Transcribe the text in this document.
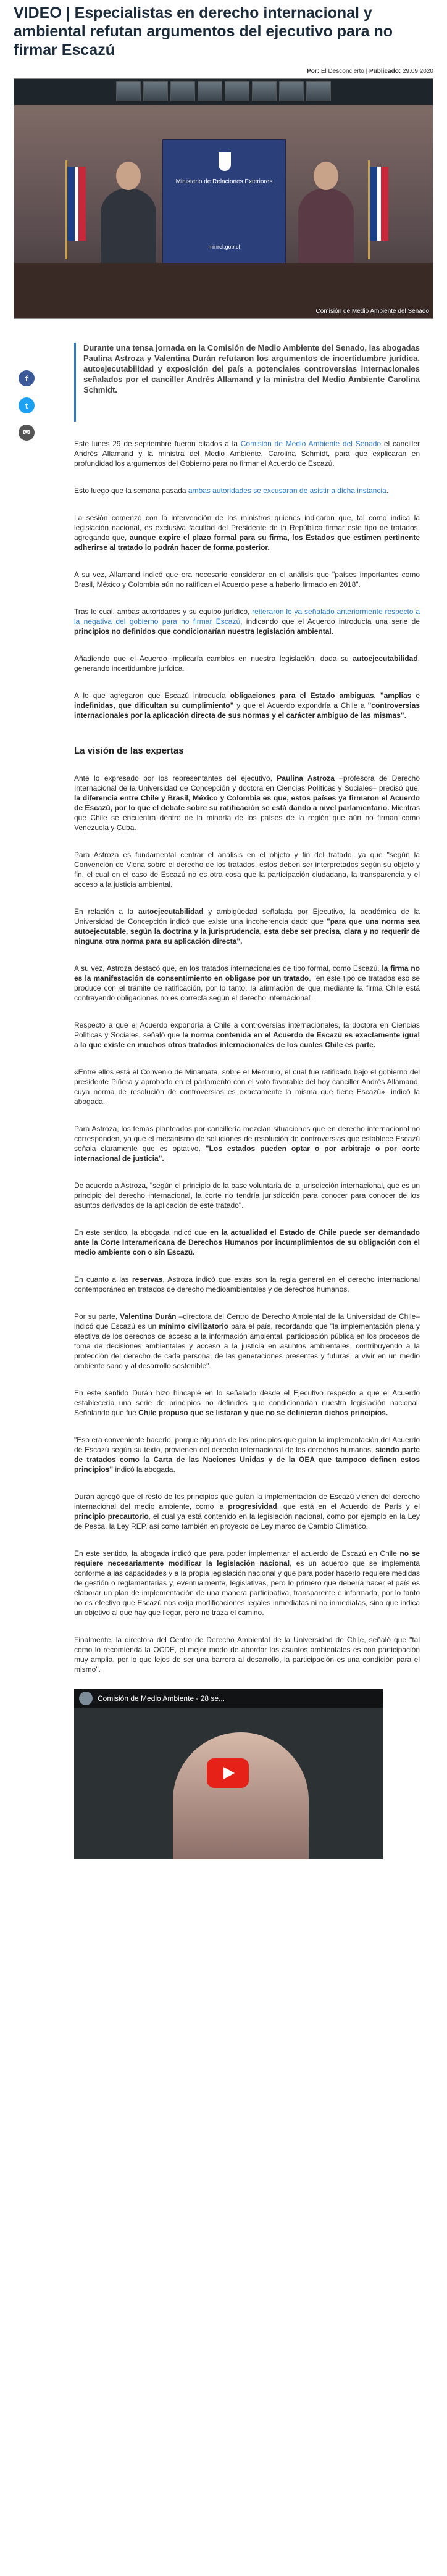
VIDEO | Especialistas en derecho internacional y ambiental refutan argumentos del ejecutivo para no firmar Escazú
Por: El Desconcierto | Publicado: 29.09.2020
Ministerio de Relaciones Exteriores
minrel.gob.cl
Comisión de Medio Ambiente del Senado
f
t
✉
Durante una tensa jornada en la Comisión de Medio Ambiente del Senado, las abogadas Paulina Astroza y Valentina Durán refutaron los argumentos de incertidumbre jurídica, autoejecutabilidad y exposición del país a potenciales controversias internacionales señalados por el canciller Andrés Allamand y la ministra del Medio Ambiente Carolina Schmidt.

Este lunes 29 de septiembre fueron citados a la Comisión de Medio Ambiente del Senado el canciller Andrés Allamand y la ministra del Medio Ambiente, Carolina Schmidt, para que explicaran en profundidad los argumentos del Gobierno para no firmar el Acuerdo de Escazú.

Esto luego que la semana pasada ambas autoridades se excusaran de asistir a dicha instancia.

La sesión comenzó con la intervención de los ministros quienes indicaron que, tal como indica la legislación nacional, es exclusiva facultad del Presidente de la República firmar este tipo de tratados, agregando que, aunque expire el plazo formal para su firma, los Estados que estimen pertinente adherirse al tratado lo podrán hacer de forma posterior.

A su vez, Allamand indicó que era necesario considerar en el análisis que "países importantes como Brasil, México y Colombia aún no ratifican el Acuerdo pese a haberlo firmado en 2018".

Tras lo cual, ambas autoridades y su equipo jurídico, reiteraron lo ya señalado anteriormente respecto a la negativa del gobierno para no firmar Escazú, indicando que el Acuerdo introducía una serie de principios no definidos que condicionarían nuestra legislación ambiental.

Añadiendo que el Acuerdo implicaría cambios en nuestra legislación, dada su autoejecutabilidad, generando incertidumbre jurídica.

A lo que agregaron que Escazú introducía obligaciones para el Estado ambiguas, "amplias e indefinidas, que dificultan su cumplimiento" y que el Acuerdo expondría a Chile a "controversias internacionales por la aplicación directa de sus normas y el carácter ambiguo de las mismas".

La visión de las expertas

Ante lo expresado por los representantes del ejecutivo, Paulina Astroza –profesora de Derecho Internacional de la Universidad de Concepción y doctora en Ciencias Políticas y Sociales– precisó que, la diferencia entre Chile y Brasil, México y Colombia es que, estos países ya firmaron el Acuerdo de Escazú, por lo que el debate sobre su ratificación se está dando a nivel parlamentario. Mientras que Chile se encuentra dentro de la minoría de los países de la región que aún no firman como Venezuela y Cuba.

Para Astroza es fundamental centrar el análisis en el objeto y fin del tratado, ya que "según la Convención de Viena sobre el derecho de los tratados, estos deben ser interpretados según su objeto y fin, el cual en el caso de Escazú no es otra cosa que la participación ciudadana, la transparencia y el acceso a la justicia ambiental.

En relación a la autoejecutabilidad y ambigüedad señalada por Ejecutivo, la académica de la Universidad de Concepción indicó que existe una incoherencia dado que "para que una norma sea autoejecutable, según la doctrina y la jurisprudencia, esta debe ser precisa, clara y no requerir de ninguna otra norma para su aplicación directa".

A su vez, Astroza destacó que, en los tratados internacionales de tipo formal, como Escazú, la firma no es la manifestación de consentimiento en obligase por un tratado, "en este tipo de tratados eso se produce con el trámite de ratificación, por lo tanto, la afirmación de que mediante la firma Chile está contrayendo obligaciones no es correcta según el derecho internacional".

Respecto a que el Acuerdo expondría a Chile a controversias internacionales, la doctora en Ciencias Políticas y Sociales, señaló que la norma contenida en el Acuerdo de Escazú es exactamente igual a la que existe en muchos otros tratados internacionales de los cuales Chile es parte.

«Entre ellos está el Convenio de Minamata, sobre el Mercurio, el cual fue ratificado bajo el gobierno del presidente Piñera y aprobado en el parlamento con el voto favorable del hoy canciller Andrés Allamand, cuya norma de resolución de controversias es exactamente la misma que tiene Escazú», indicó la abogada.

Para Astroza, los temas planteados por cancillería mezclan situaciones que en derecho internacional no corresponden, ya que el mecanismo de soluciones de resolución de controversias que establece Escazú señala claramente que es optativo. "Los estados pueden optar o por arbitraje o por corte internacional de justicia".

De acuerdo a Astroza, "según el principio de la base voluntaria de la jurisdicción internacional, que es un principio del derecho internacional, la corte no tendría jurisdicción para conocer para conocer de los asuntos derivados de la aplicación de este tratado".

En este sentido, la abogada indicó que en la actualidad el Estado de Chile puede ser demandado ante la Corte Interamericana de Derechos Humanos por incumplimientos de su obligación con el medio ambiente con o sin Escazú.

En cuanto a las reservas, Astroza indicó que estas son la regla general en el derecho internacional contemporáneo en tratados de derecho medioambientales y de derechos humanos.

Por su parte, Valentina Durán –directora del Centro de Derecho Ambiental de la Universidad de Chile– indicó que Escazú es un mínimo civilizatorio para el país, recordando que "la implementación plena y efectiva de los derechos de acceso a la información ambiental, participación pública en los procesos de toma de decisiones ambientales y acceso a la justicia en asuntos ambientales, contribuyendo a la protección del derecho de cada persona, de las generaciones presentes y futuras, a vivir en un medio ambiente sano y al desarrollo sostenible".

En este sentido Durán hizo hincapié en lo señalado desde el Ejecutivo respecto a que el Acuerdo establecería una serie de principios no definidos que condicionarían nuestra legislación nacional. Señalando que fue Chile propuso que se listaran y que no se definieran dichos principios.

"Eso era conveniente hacerlo, porque algunos de los principios que guían la implementación del Acuerdo de Escazú según su texto, provienen del derecho internacional de los derechos humanos, siendo parte de tratados como la Carta de las Naciones Unidas y de la OEA que tampoco definen estos principios" indicó la abogada.

Durán agregó que el resto de los principios que guían la implementación de Escazú vienen del derecho internacional del medio ambiente, como la progresividad, que está en el Acuerdo de París y el principio precautorio, el cual ya está contenido en la legislación nacional, como por ejemplo en la Ley de Pesca, la Ley REP, así como también en proyecto de Ley marco de Cambio Climático.

En este sentido, la abogada indicó que para poder implementar el acuerdo de Escazú en Chile no se requiere necesariamente modificar la legislación nacional, es un acuerdo que se implementa conforme a las capacidades y a la propia legislación nacional y que para poder hacerlo requiere medidas de gestión o reglamentarias y, eventualmente, legislativas, pero lo primero que debería hacer el país es elaborar un plan de implementación de una manera participativa, transparente e informada, por lo tanto no es efectivo que Escazú nos exija modificaciones legales inmediatas ni no inmediatas, sino que indica un objetivo al que hay que llegar, pero no traza el camino.

Finalmente, la directora del Centro de Derecho Ambiental de la Universidad de Chile, señaló que "tal como lo recomienda la OCDE, el mejor modo de abordar los asuntos ambientales es con participación muy amplia, por lo que lejos de ser una barrera al desarrollo, la participación es una condición para el mismo".

Comisión de Medio Ambiente - 28 se...
